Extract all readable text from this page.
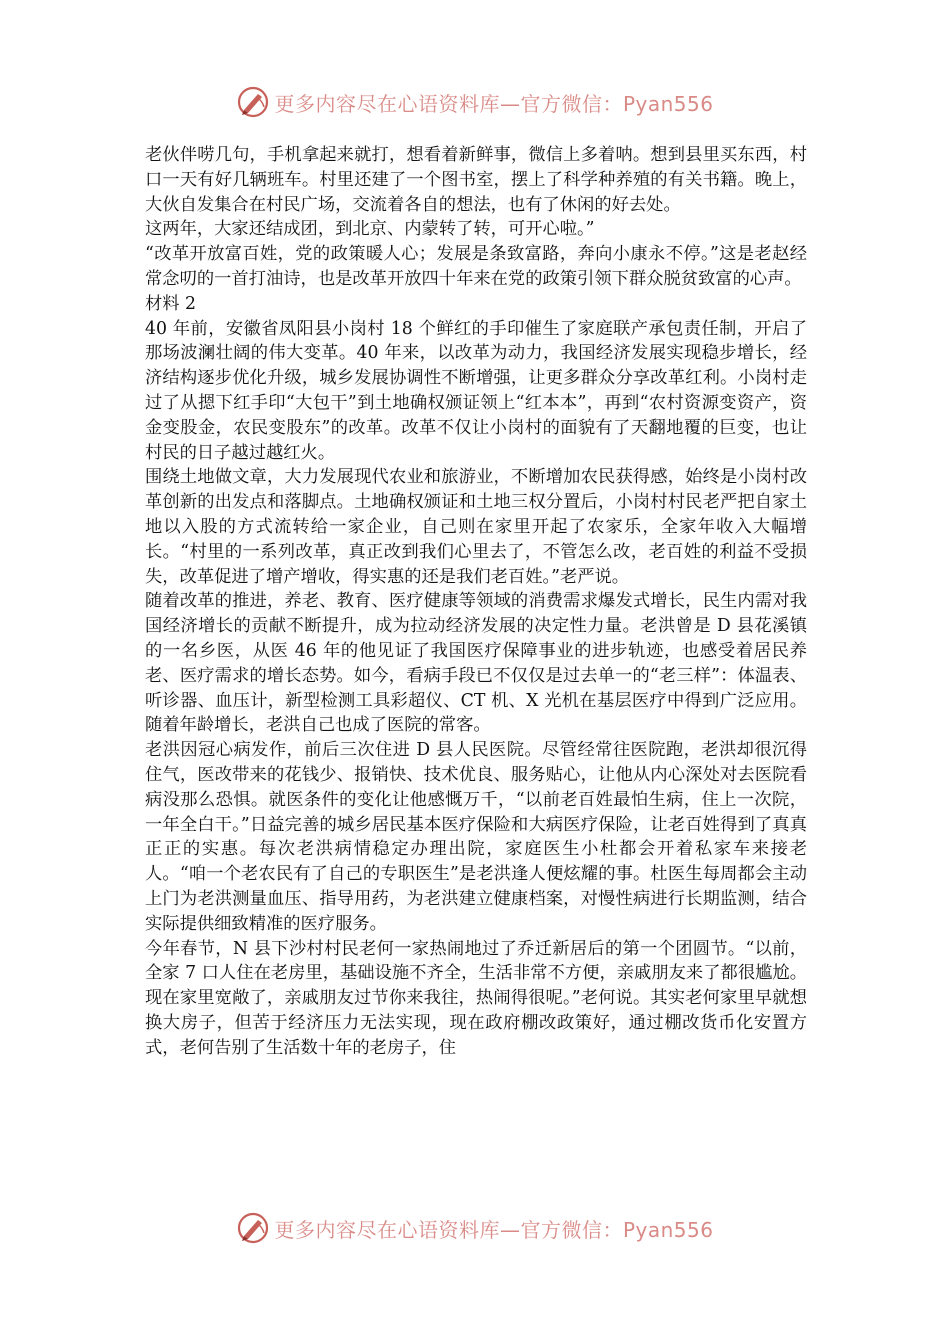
更多内容尽在心语资料库—官方微信：Pyan556

老伙伴唠几句，手机拿起来就打，想看着新鲜事，微信上多着呐。想到县里买东西，村口一天有好几辆班车。村里还建了一个图书室，摆上了科学种养殖的有关书籍。晚上，大伙自发集合在村民广场，交流着各自的想法，也有了休闲的好去处。

这两年，大家还结成团，到北京、内蒙转了转，可开心啦。”

“改革开放富百姓，党的政策暖人心；发展是条致富路，奔向小康永不停。”这是老赵经常念叨的一首打油诗，也是改革开放四十年来在党的政策引领下群众脱贫致富的心声。

材料 2

40 年前，安徽省凤阳县小岗村 18 个鲜红的手印催生了家庭联产承包责任制，开启了那场波澜壮阔的伟大变革。40 年来，以改革为动力，我国经济发展实现稳步增长，经济结构逐步优化升级，城乡发展协调性不断增强，让更多群众分享改革红利。小岗村走过了从摁下红手印“大包干”到土地确权颁证领上“红本本”，再到“农村资源变资产，资金变股金，农民变股东”的改革。改革不仅让小岗村的面貌有了天翻地覆的巨变，也让村民的日子越过越红火。

围绕土地做文章，大力发展现代农业和旅游业，不断增加农民获得感，始终是小岗村改革创新的出发点和落脚点。土地确权颁证和土地三权分置后，小岗村村民老严把自家土地以入股的方式流转给一家企业，自己则在家里开起了农家乐，全家年收入大幅增长。“村里的一系列改革，真正改到我们心里去了，不管怎么改，老百姓的利益不受损失，改革促进了增产增收，得实惠的还是我们老百姓。”老严说。

随着改革的推进，养老、教育、医疗健康等领域的消费需求爆发式增长，民生内需对我国经济增长的贡献不断提升，成为拉动经济发展的决定性力量。老洪曾是 D 县花溪镇的一名乡医，从医 46 年的他见证了我国医疗保障事业的进步轨迹，也感受着居民养老、医疗需求的增长态势。如今，看病手段已不仅仅是过去单一的“老三样”：体温表、听诊器、血压计，新型检测工具彩超仪、CT 机、X 光机在基层医疗中得到广泛应用。随着年龄增长，老洪自己也成了医院的常客。

老洪因冠心病发作，前后三次住进 D 县人民医院。尽管经常往医院跑，老洪却很沉得住气，医改带来的花钱少、报销快、技术优良、服务贴心，让他从内心深处对去医院看病没那么恐惧。就医条件的变化让他感慨万千，“以前老百姓最怕生病，住上一次院，一年全白干。”日益完善的城乡居民基本医疗保险和大病医疗保险，让老百姓得到了真真正正的实惠。每次老洪病情稳定办理出院，家庭医生小杜都会开着私家车来接老人。“咱一个老农民有了自己的专职医生”是老洪逢人便炫耀的事。杜医生每周都会主动上门为老洪测量血压、指导用药，为老洪建立健康档案，对慢性病进行长期监测，结合实际提供细致精准的医疗服务。

今年春节，N 县下沙村村民老何一家热闹地过了乔迁新居后的第一个团圆节。“以前，全家 7 口人住在老房里，基础设施不齐全，生活非常不方便，亲戚朋友来了都很尴尬。现在家里宽敞了，亲戚朋友过节你来我往，热闹得很呢。”老何说。其实老何家里早就想换大房子，但苦于经济压力无法实现，现在政府棚改政策好，通过棚改货币化安置方式，老何告别了生活数十年的老房子，住

更多内容尽在心语资料库—官方微信：Pyan556
